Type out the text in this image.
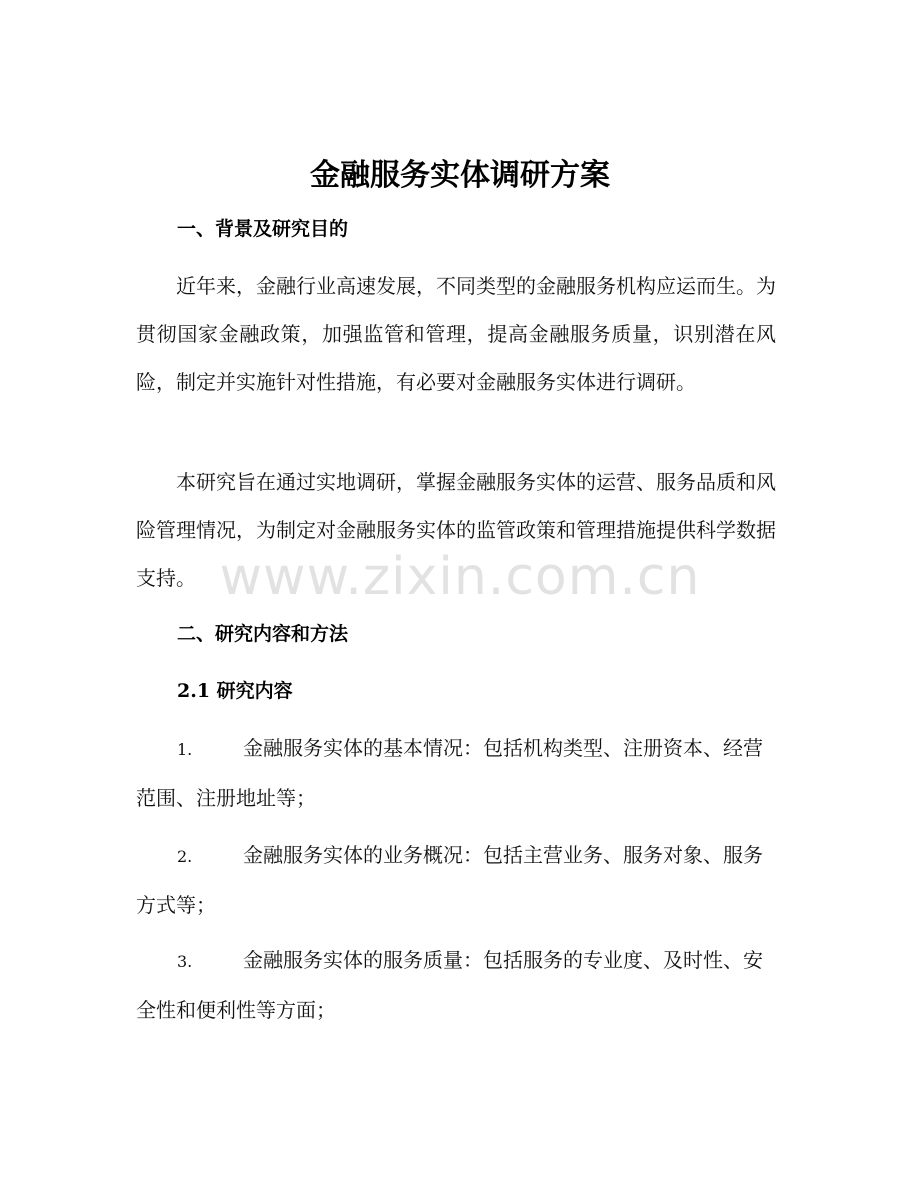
金融服务实体调研方案
一、背景及研究目的
近年来，金融行业高速发展，不同类型的金融服务机构应运而生。为贯彻国家金融政策，加强监管和管理，提高金融服务质量，识别潜在风险，制定并实施针对性措施，有必要对金融服务实体进行调研。
本研究旨在通过实地调研，掌握金融服务实体的运营、服务品质和风险管理情况，为制定对金融服务实体的监管政策和管理措施提供科学数据支持。
二、研究内容和方法
2.1 研究内容
1.	金融服务实体的基本情况：包括机构类型、注册资本、经营范围、注册地址等；
2.	金融服务实体的业务概况：包括主营业务、服务对象、服务方式等；
3.	金融服务实体的服务质量：包括服务的专业度、及时性、安全性和便利性等方面；
www.zixin.com.cn
